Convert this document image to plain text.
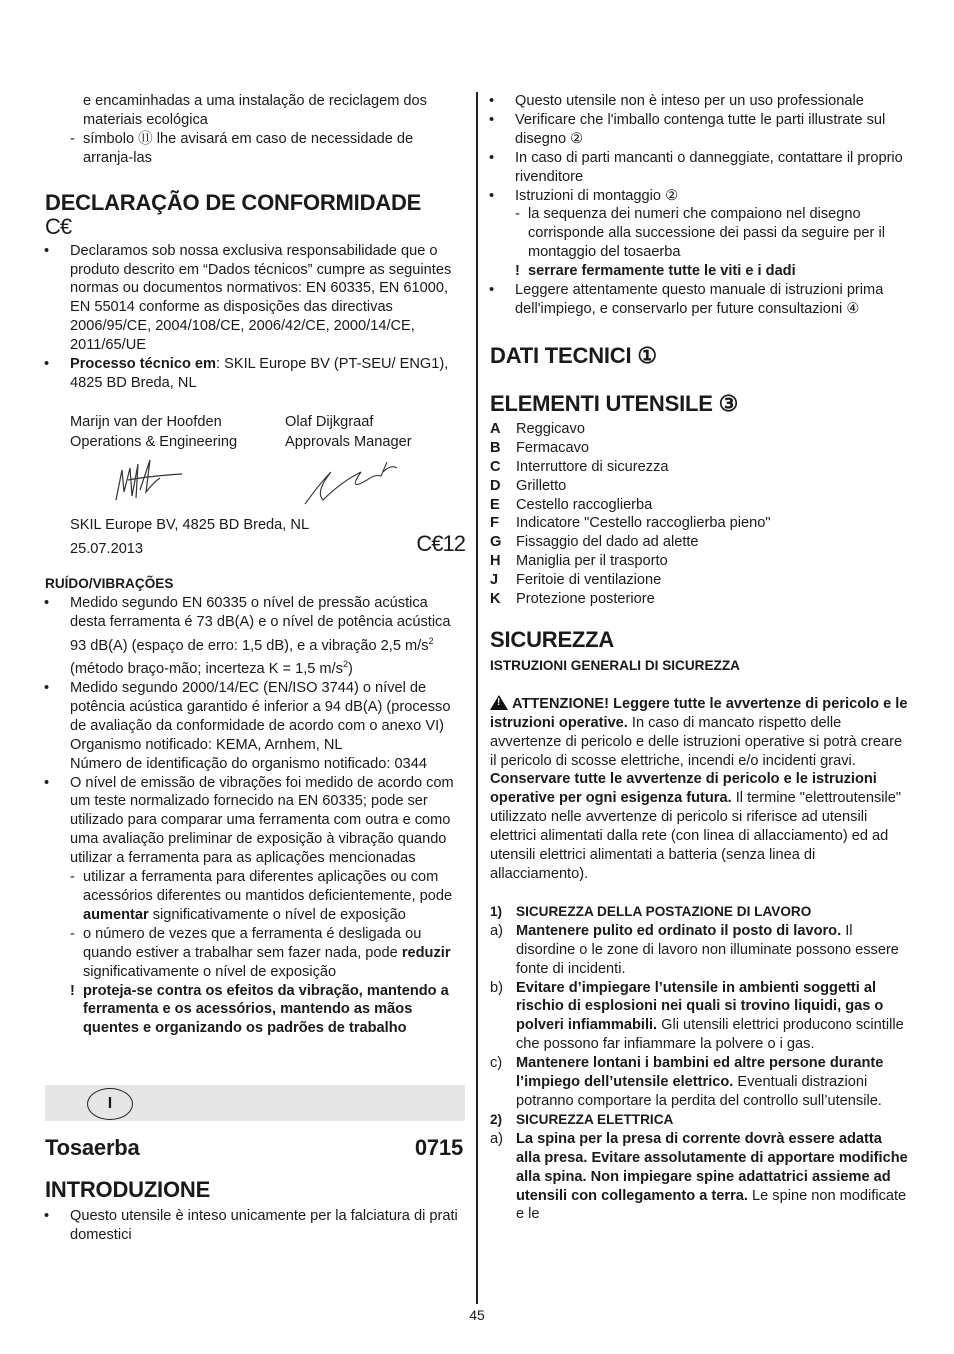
e encaminhadas a uma instalação de reciclagem dos materiais ecológica

- símbolo ⑪ lhe avisará em caso de necessidade de arranja-las

DECLARAÇÃO DE CONFORMIDADE
C€

• Declaramos sob nossa exclusiva responsabilidade que o produto descrito em “Dados técnicos” cumpre as seguintes normas ou documentos normativos: EN 60335, EN 61000, EN 55014 conforme as disposições das directivas 2006/95/CE, 2004/108/CE, 2006/42/CE, 2000/14/CE, 2011/65/UE

• Processo técnico em: SKIL Europe BV (PT-SEU/ ENG1), 4825 BD Breda, NL

Marijn van der Hoofden
Operations & Engineering
Olaf Dijkgraaf
Approvals Manager

SKIL Europe BV, 4825 BD Breda, NL

25.07.2013	C€12

RUÍDO/VIBRAÇÕES

• Medido segundo EN 60335 o nível de pressão acústica desta ferramenta é 73 dB(A) e o nível de potência acústica 93 dB(A) (espaço de erro: 1,5 dB), e a vibração 2,5 $m/s^2$ (método braço-mão; incerteza K = 1,5 $m/s^2$)

• Medido segundo 2000/14/EC (EN/ISO 3744) o nível de potência acústica garantido é inferior a 94 dB(A) (processo de avaliação da conformidade de acordo com o anexo VI)

Organismo notificado: KEMA, Arnhem, NL

Número de identificação do organismo notificado: 0344

• O nível de emissão de vibrações foi medido de acordo com um teste normalizado fornecido na EN 60335; pode ser utilizado para comparar uma ferramenta com outra e como uma avaliação preliminar de exposição à vibração quando utilizar a ferramenta para as aplicações mencionadas

- utilizar a ferramenta para diferentes aplicações ou com acessórios diferentes ou mantidos deficientemente, pode aumentar significativamente o nível de exposição

- o número de vezes que a ferramenta é desligada ou quando estiver a trabalhar sem fazer nada, pode reduzir significativamente o nível de exposição

! proteja-se contra os efeitos da vibração, mantendo a ferramenta e os acessórios, mantendo as mãos quentes e organizando os padrões de trabalho

I
Tosaerba	0715
INTRODUZIONE

• Questo utensile è inteso unicamente per la falciatura di prati domestici

• Questo utensile non è inteso per un uso professionale

• Verificare che l'imballo contenga tutte le parti illustrate sul disegno ②

• In caso di parti mancanti o danneggiate, contattare il proprio rivenditore

• Istruzioni di montaggio ②

- la sequenza dei numeri che compaiono nel disegno corrisponde alla successione dei passi da seguire per il montaggio del tosaerba

! serrare fermamente tutte le viti e i dadi

• Leggere attentamente questo manuale di istruzioni prima dell'impiego, e conservarlo per future consultazioni ④

DATI TECNICI ①
ELEMENTI UTENSILE ③

A Reggicavo

B Fermacavo

C Interruttore di sicurezza

D Grilletto

E Cestello raccoglierba

F Indicatore "Cestello raccoglierba pieno"

G Fissaggio del dado ad alette

H Maniglia per il trasporto

J Feritoie di ventilazione

K Protezione posteriore

SICUREZZA

ISTRUZIONI GENERALI DI SICUREZZA

!ATTENZIONE! Leggere tutte le avvertenze di pericolo e le istruzioni operative. In caso di mancato rispetto delle avvertenze di pericolo e delle istruzioni operative si potrà creare il pericolo di scosse elettriche, incendi e/o incidenti gravi. Conservare tutte le avvertenze di pericolo e le istruzioni operative per ogni esigenza futura. Il termine "elettroutensile" utilizzato nelle avvertenze di pericolo si riferisce ad utensili elettrici alimentati dalla rete (con linea di allacciamento) ed ad utensili elettrici alimentati a batteria (senza linea di allacciamento).

1) SICUREZZA DELLA POSTAZIONE DI LAVORO

a) Mantenere pulito ed ordinato il posto di lavoro. Il disordine o le zone di lavoro non illuminate possono essere fonte di incidenti.

b) Evitare d’impiegare l’utensile in ambienti soggetti al rischio di esplosioni nei quali si trovino liquidi, gas o polveri infiammabili. Gli utensili elettrici producono scintille che possono far infiammare la polvere o i gas.

c) Mantenere lontani i bambini ed altre persone durante l’impiego dell’utensile elettrico. Eventuali distrazioni potranno comportare la perdita del controllo sull’utensile.

2) SICUREZZA ELETTRICA

a) La spina per la presa di corrente dovrà essere adatta alla presa. Evitare assolutamente di apportare modifiche alla spina. Non impiegare spine adattatrici assieme ad utensili con collegamento a terra. Le spine non modificate e le

45
